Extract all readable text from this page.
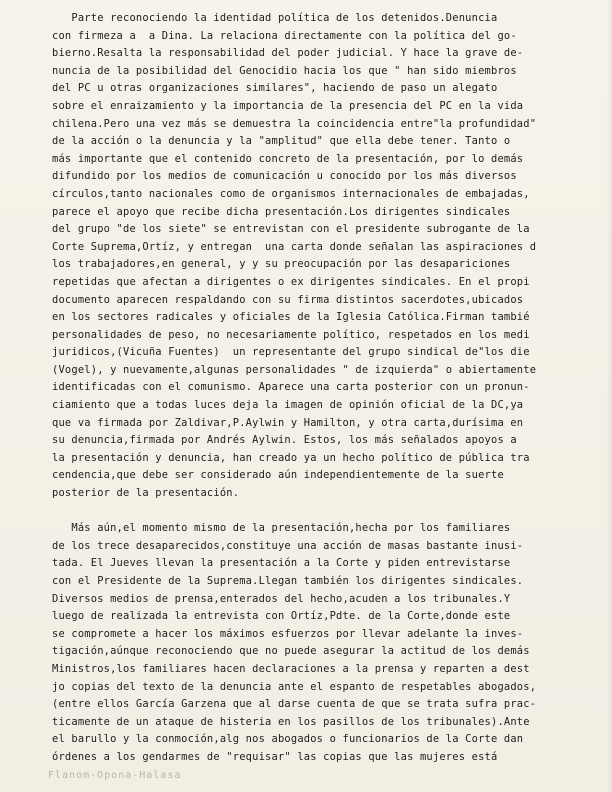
Parte reconociendo la identidad política de los detenidos.Denuncia
con firmeza a  a Dina. La relaciona directamente con la política del go-
bierno.Resalta la responsabilidad del poder judicial. Y hace la grave de-
nuncia de la posibilidad del Genocidio hacia los que " han sido miembros
del PC u otras organizaciones similares", haciendo de paso un alegato
sobre el enraizamiento y la importancia de la presencia del PC en la vida
chilena.Pero una vez más se demuestra la coincidencia entre"la profundidad"
de la acción o la denuncia y la "amplitud" que ella debe tener. Tanto o
más importante que el contenido concreto de la presentación, por lo demás
difundido por los medios de comunicación u conocido por los más diversos
círculos,tanto nacionales como de organismos internacionales de embajadas,
parece el apoyo que recibe dicha presentación.Los dirigentes sindicales
del grupo "de los siete" se entrevistan con el presidente subrogante de la
Corte Suprema,Ortíz, y entregan  una carta donde señalan las aspiraciones d
los trabajadores,en general, y y su preocupación por las desapariciones
repetidas que afectan a dirigentes o ex dirigentes sindicales. En el propi
documento aparecen respaldando con su firma distintos sacerdotes,ubicados
en los sectores radicales y oficiales de la Iglesia Católica.Firman tambié
personalidades de peso, no necesariamente político, respetados en los medi
juridicos,(Vicuña Fuentes)  un representante del grupo sindical de"los die
(Vogel), y nuevamente,algunas personalidades " de izquierda" o abiertamente
identificadas con el comunismo. Aparece una carta posterior con un pronun-
ciamiento que a todas luces deja la imagen de opinión oficial de la DC,ya
que va firmada por Zaldivar,P.Aylwin y Hamilton, y otra carta,durísima en
su denuncia,firmada por Andrés Aylwin. Estos, los más señalados apoyos a
la presentación y denuncia, han creado ya un hecho político de pública tra
cendencia,que debe ser considerado aún independientemente de la suerte
posterior de la presentación.
Más aún,el momento mismo de la presentación,hecha por los familiares
de los trece desaparecidos,constituye una acción de masas bastante inusi-
tada. El Jueves llevan la presentación a la Corte y piden entrevistarse
con el Presidente de la Suprema.Llegan también los dirigentes sindicales.
Diversos medios de prensa,enterados del hecho,acuden a los tribunales.Y
luego de realizada la entrevista con Ortíz,Pdte. de la Corte,donde este
se compromete a hacer los máximos esfuerzos por llevar adelante la inves-
tigación,aúnque reconociendo que no puede asegurar la actitud de los demás
Ministros,los familiares hacen declaraciones a la prensa y reparten a dest
jo copias del texto de la denuncia ante el espanto de respetables abogados,
(entre ellos García Garzena que al darse cuenta de que se trata sufra prac-
ticamente de un ataque de histeria en los pasillos de los tribunales).Ante
el barullo y la conmoción,alg nos abogados o funcionarios de la Corte dan
órdenes a los gendarmes de "requisar" las copias que las mujeres está
Flanom-Opona-Halasa
